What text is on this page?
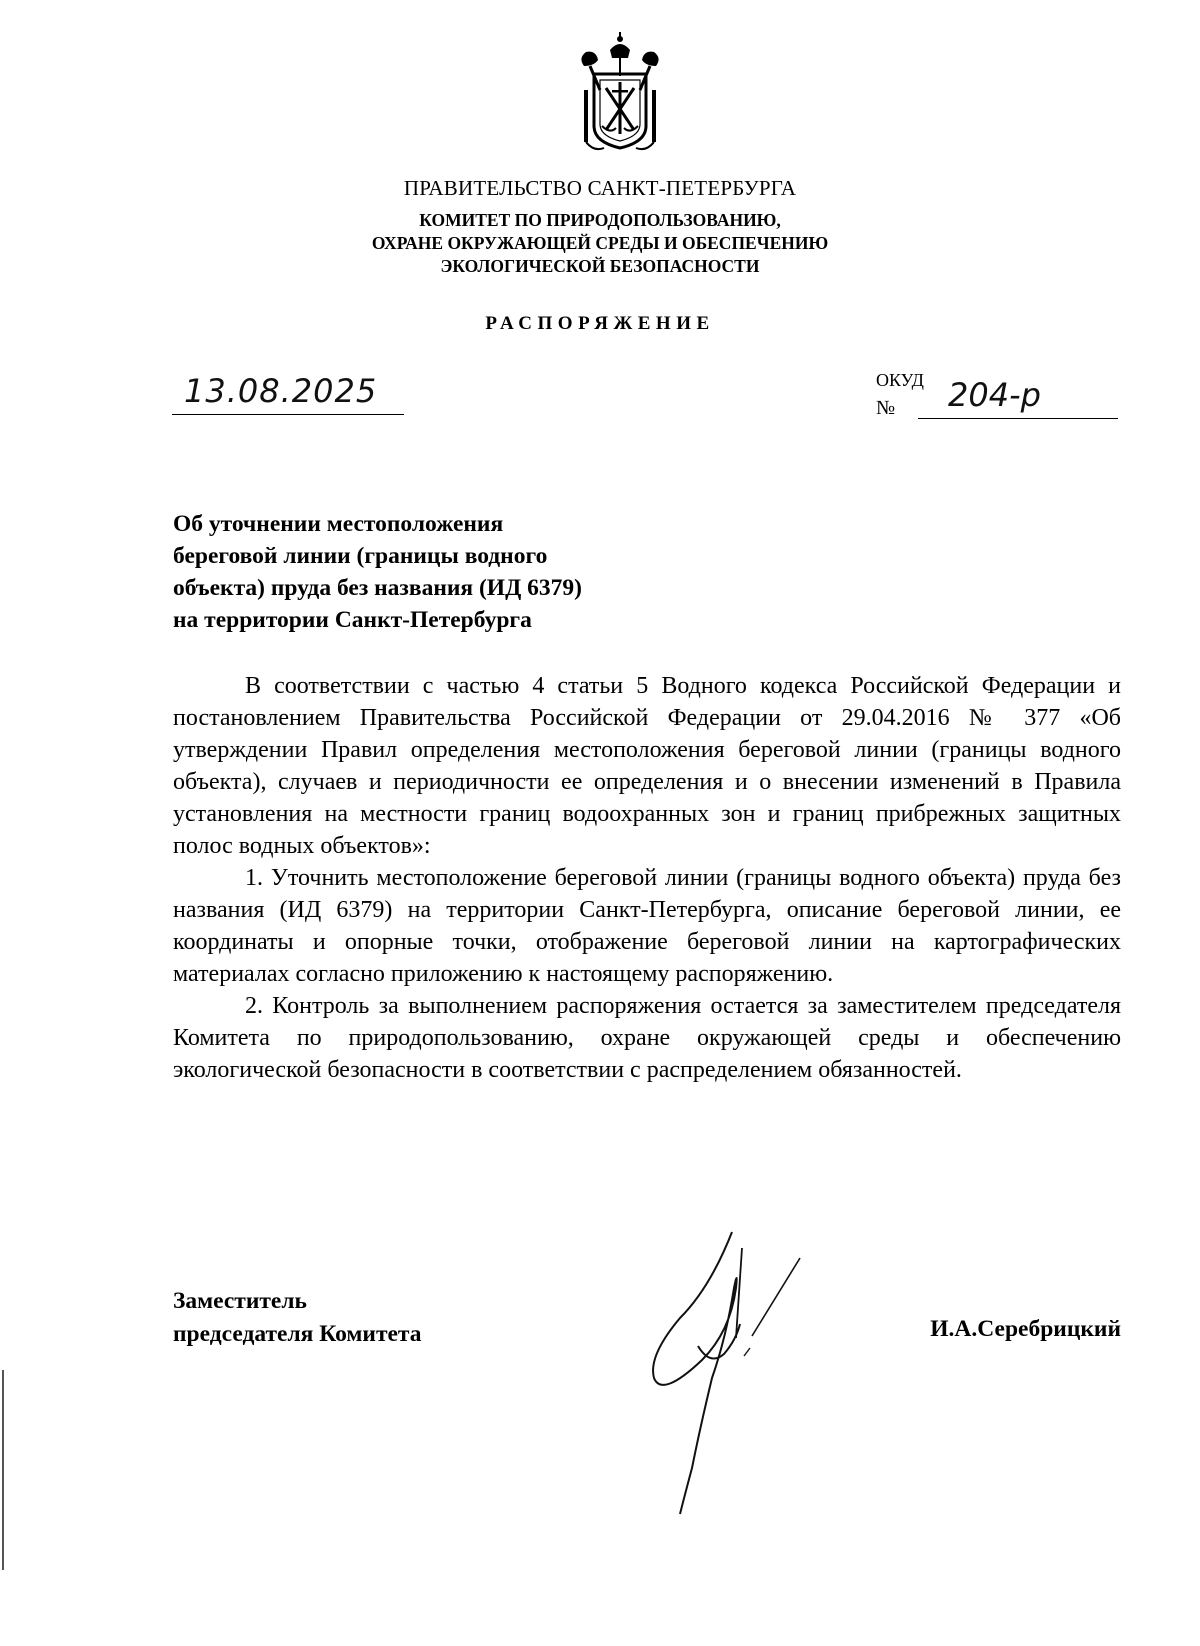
ПРАВИТЕЛЬСТВО САНКТ-ПЕТЕРБУРГА
КОМИТЕТ ПО ПРИРОДОПОЛЬЗОВАНИЮ,
ОХРАНЕ ОКРУЖАЮЩЕЙ СРЕДЫ И ОБЕСПЕЧЕНИЮ
ЭКОЛОГИЧЕСКОЙ БЕЗОПАСНОСТИ
РАСПОРЯЖЕНИЕ
13.08.2025	ОКУД
№ 204-р
Об уточнении местоположения
береговой линии (границы водного
объекта) пруда без названия (ИД 6379)
на территории Санкт-Петербурга

В соответствии с частью 4 статьи 5 Водного кодекса Российской Федерации и постановлением Правительства Российской Федерации от 29.04.2016 № 377 «Об утверждении Правил определения местоположения береговой линии (границы водного объекта), случаев и периодичности ее определения и о внесении изменений в Правила установления на местности границ водоохранных зон и границ прибрежных защитных полос водных объектов»:

1. Уточнить местоположение береговой линии (границы водного объекта) пруда без названия (ИД 6379) на территории Санкт-Петербурга, описание береговой линии, ее координаты и опорные точки, отображение береговой линии на картографических материалах согласно приложению к настоящему распоряжению.

2. Контроль за выполнением распоряжения остается за заместителем председателя Комитета по природопользованию, охране окружающей среды и обеспечению экологической безопасности в соответствии с распределением обязанностей.

Заместитель
председателя Комитета	И.А.Серебрицкий
